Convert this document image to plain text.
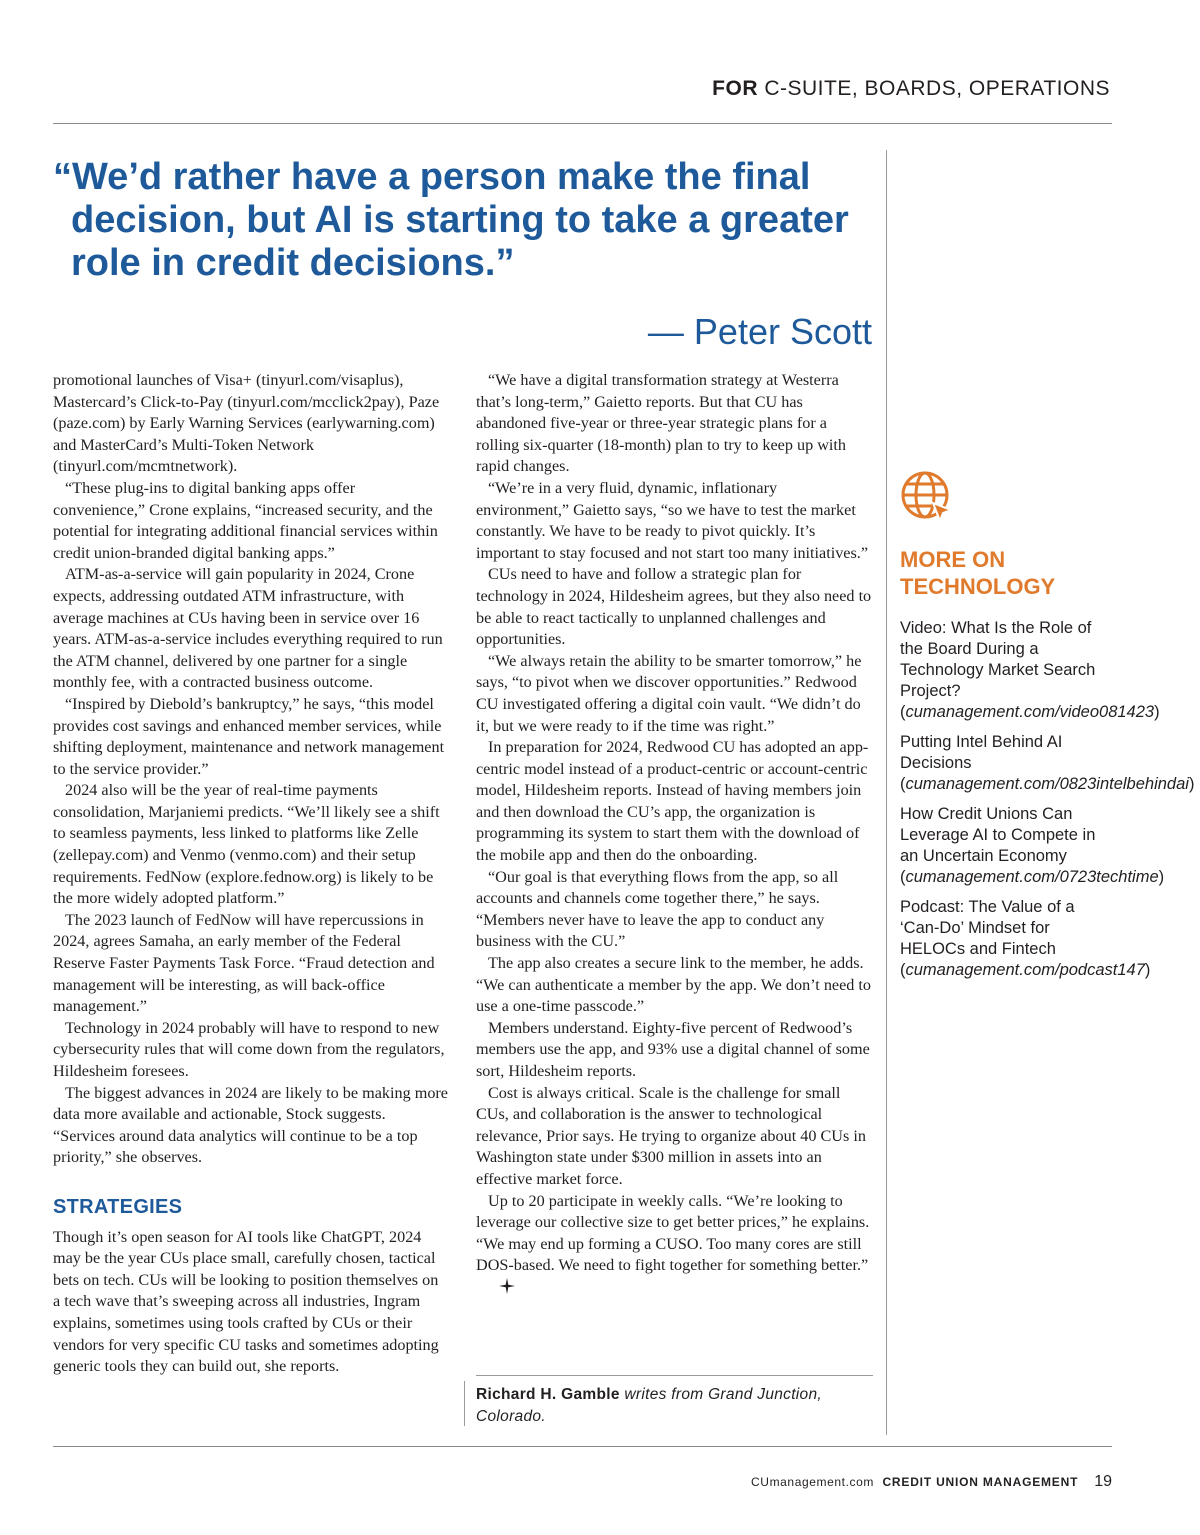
FOR C-SUITE, BOARDS, OPERATIONS
“We’d rather have a person make the final decision, but AI is starting to take a greater role in credit decisions.”
— Peter Scott

promotional launches of Visa+ (tinyurl.com/visaplus), Mastercard’s Click-to-Pay (tinyurl.com/mcclick2pay), Paze (paze.com) by Early Warning Services (earlywarning.com) and MasterCard’s Multi-Token Network (tinyurl.com/mcmtnetwork).

“These plug-ins to digital banking apps offer convenience,” Crone explains, “increased security, and the potential for integrating additional financial services within credit union-branded digital banking apps.”

ATM-as-a-service will gain popularity in 2024, Crone expects, addressing outdated ATM infrastructure, with average machines at CUs having been in service over 16 years. ATM-as-a-service includes everything required to run the ATM channel, delivered by one partner for a single monthly fee, with a contracted business outcome.

“Inspired by Diebold’s bankruptcy,” he says, “this model provides cost savings and enhanced member services, while shifting deployment, maintenance and network management to the service provider.”

2024 also will be the year of real-time payments consolidation, Marjaniemi predicts. “We’ll likely see a shift to seamless payments, less linked to platforms like Zelle (zellepay.com) and Venmo (venmo.com) and their setup requirements. FedNow (explore.fednow.org) is likely to be the more widely adopted platform.”

The 2023 launch of FedNow will have repercussions in 2024, agrees Samaha, an early member of the Federal Reserve Faster Payments Task Force. “Fraud detection and management will be interesting, as will back-office management.”

Technology in 2024 probably will have to respond to new cybersecurity rules that will come down from the regulators, Hildesheim foresees.

The biggest advances in 2024 are likely to be making more data more available and actionable, Stock suggests. “Services around data analytics will continue to be a top priority,” she observes.

STRATEGIES

Though it’s open season for AI tools like ChatGPT, 2024 may be the year CUs place small, carefully chosen, tactical bets on tech. CUs will be looking to position themselves on a tech wave that’s sweeping across all industries, Ingram explains, sometimes using tools crafted by CUs or their vendors for very specific CU tasks and sometimes adopting generic tools they can build out, she reports.

“We have a digital transformation strategy at Westerra that’s long-term,” Gaietto reports. But that CU has abandoned five-year or three-year strategic plans for a rolling six-quarter (18-month) plan to try to keep up with rapid changes.

“We’re in a very fluid, dynamic, inflationary environment,” Gaietto says, “so we have to test the market constantly. We have to be ready to pivot quickly. It’s important to stay focused and not start too many initiatives.”

CUs need to have and follow a strategic plan for technology in 2024, Hildesheim agrees, but they also need to be able to react tactically to unplanned challenges and opportunities.

“We always retain the ability to be smarter tomorrow,” he says, “to pivot when we discover opportunities.” Redwood CU investigated offering a digital coin vault. “We didn’t do it, but we were ready to if the time was right.”

In preparation for 2024, Redwood CU has adopted an app-centric model instead of a product-centric or account-centric model, Hildesheim reports. Instead of having members join and then download the CU’s app, the organization is programming its system to start them with the download of the mobile app and then do the onboarding.

“Our goal is that everything flows from the app, so all accounts and channels come together there,” he says. “Members never have to leave the app to conduct any business with the CU.”

The app also creates a secure link to the member, he adds. “We can authenticate a member by the app. We don’t need to use a one-time passcode.”

Members understand. Eighty-five percent of Redwood’s members use the app, and 93% use a digital channel of some sort, Hildesheim reports.

Cost is always critical. Scale is the challenge for small CUs, and collaboration is the answer to technological relevance, Prior says. He trying to organize about 40 CUs in Washington state under $300 million in assets into an effective market force.

Up to 20 participate in weekly calls. “We’re looking to leverage our collective size to get better prices,” he explains. “We may end up forming a CUSO. Too many cores are still DOS-based. We need to fight together for something better.”

Richard H. Gamble writes from Grand Junction, Colorado.
MORE ON
TECHNOLOGY
Video: What Is the Role of the Board During a Technology Market Search Project?
(cumanagement.com/video081423)
Putting Intel Behind AI Decisions
(cumanagement.com/0823intelbehindai)
How Credit Unions Can Leverage AI to Compete in an Uncertain Economy
(cumanagement.com/0723techtime)
Podcast: The Value of a ‘Can-Do’ Mindset for HELOCs and Fintech
(cumanagement.com/podcast147)
CUmanagement.com CREDIT UNION MANAGEMENT 19
